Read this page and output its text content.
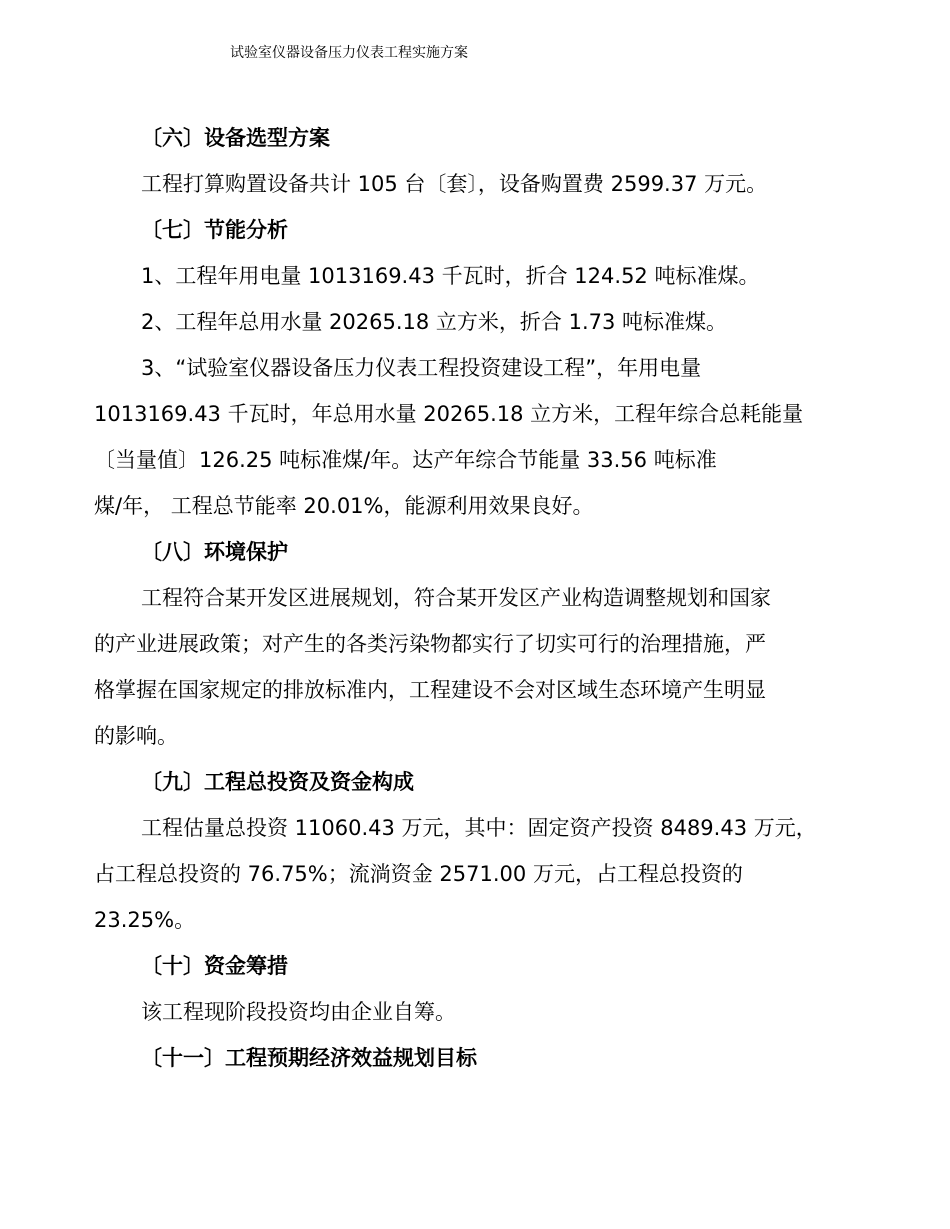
试验室仪器设备压力仪表工程实施方案
〔六〕设备选型方案

工程打算购置设备共计 105 台〔套〕，设备购置费 2599.37 万元。

〔七〕节能分析

1、工程年用电量 1013169.43 千瓦时，折合 124.52 吨标准煤。

2、工程年总用水量 20265.18 立方米，折合 1.73 吨标准煤。

3、“试验室仪器设备压力仪表工程投资建设工程”，年用电量
1013169.43 千瓦时，年总用水量 20265.18 立方米，工程年综合总耗能量
〔当量值〕126.25 吨标准煤/年。达产年综合节能量 33.56 吨标准
煤/年， 工程总节能率 20.01%，能源利用效果良好。

〔八〕环境保护

工程符合某开发区进展规划，符合某开发区产业构造调整规划和国家
的产业进展政策；对产生的各类污染物都实行了切实可行的治理措施，严
格掌握在国家规定的排放标准内，工程建设不会对区域生态环境产生明显
的影响。

〔九〕工程总投资及资金构成

工程估量总投资 11060.43 万元，其中：固定资产投资 8489.43 万元，
占工程总投资的 76.75%；流淌资金 2571.00 万元，占工程总投资的
23.25%。

〔十〕资金筹措

该工程现阶段投资均由企业自筹。

〔十一〕工程预期经济效益规划目标
